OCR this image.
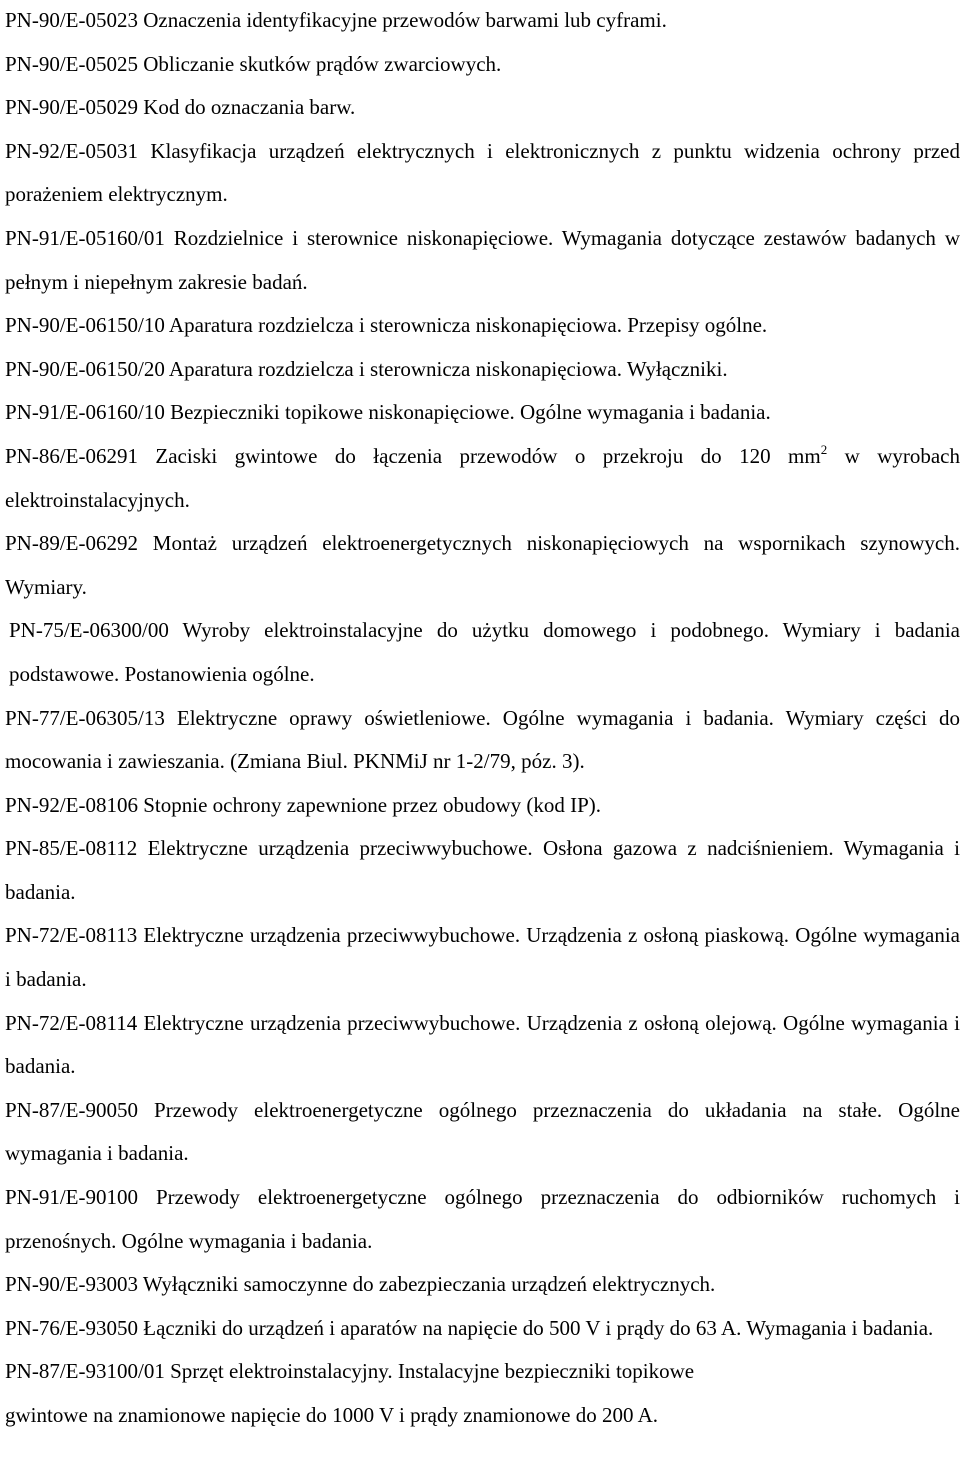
PN-90/E-05023 Oznaczenia identyfikacyjne przewodów barwami lub cyframi.
PN-90/E-05025 Obliczanie skutków prądów zwarciowych.
PN-90/E-05029 Kod do oznaczania barw.
PN-92/E-05031 Klasyfikacja urządzeń elektrycznych i elektronicznych z punktu widzenia ochrony przed porażeniem elektrycznym.
PN-91/E-05160/01 Rozdzielnice i sterownice niskonapięciowe. Wymagania dotyczące zestawów badanych w pełnym i niepełnym zakresie badań.
PN-90/E-06150/10 Aparatura rozdzielcza i sterownicza niskonapięciowa. Przepisy ogólne.
PN-90/E-06150/20 Aparatura rozdzielcza i sterownicza niskonapięciowa. Wyłączniki.
PN-91/E-06160/10 Bezpieczniki topikowe niskonapięciowe. Ogólne wymagania i badania.
PN-86/E-06291 Zaciski gwintowe do łączenia przewodów o przekroju do 120 $mm^2$ w wyrobach elektroinstalacyjnych.
PN-89/E-06292 Montaż urządzeń elektroenergetycznych niskonapięciowych na wspornikach szynowych. Wymiary.
PN-75/E-06300/00 Wyroby elektroinstalacyjne do użytku domowego i podobnego. Wymiary i badania podstawowe. Postanowienia ogólne.
PN-77/E-06305/13 Elektryczne oprawy oświetleniowe. Ogólne wymagania i badania. Wymiary części do mocowania i zawieszania. (Zmiana Biul. PKNMiJ nr 1-2/79, póz. 3).
PN-92/E-08106 Stopnie ochrony zapewnione przez obudowy (kod IP).
PN-85/E-08112 Elektryczne urządzenia przeciwwybuchowe. Osłona gazowa z nadciśnieniem. Wymagania i badania.
PN-72/E-08113 Elektryczne urządzenia przeciwwybuchowe. Urządzenia z osłoną piaskową. Ogólne wymagania i badania.
PN-72/E-08114 Elektryczne urządzenia przeciwwybuchowe. Urządzenia z osłoną olejową. Ogólne wymagania i badania.
PN-87/E-90050 Przewody elektroenergetyczne ogólnego przeznaczenia do układania na stałe. Ogólne wymagania i badania.
PN-91/E-90100 Przewody elektroenergetyczne ogólnego przeznaczenia do odbiorników ruchomych i przenośnych. Ogólne wymagania i badania.
PN-90/E-93003 Wyłączniki samoczynne do zabezpieczania urządzeń elektrycznych.
PN-76/E-93050 Łączniki do urządzeń i aparatów na napięcie do 500 V i prądy do 63 A. Wymagania i badania.
PN-87/E-93100/01 Sprzęt elektroinstalacyjny. Instalacyjne bezpieczniki topikowe
gwintowe na znamionowe napięcie do 1000 V i prądy znamionowe do 200 A.
